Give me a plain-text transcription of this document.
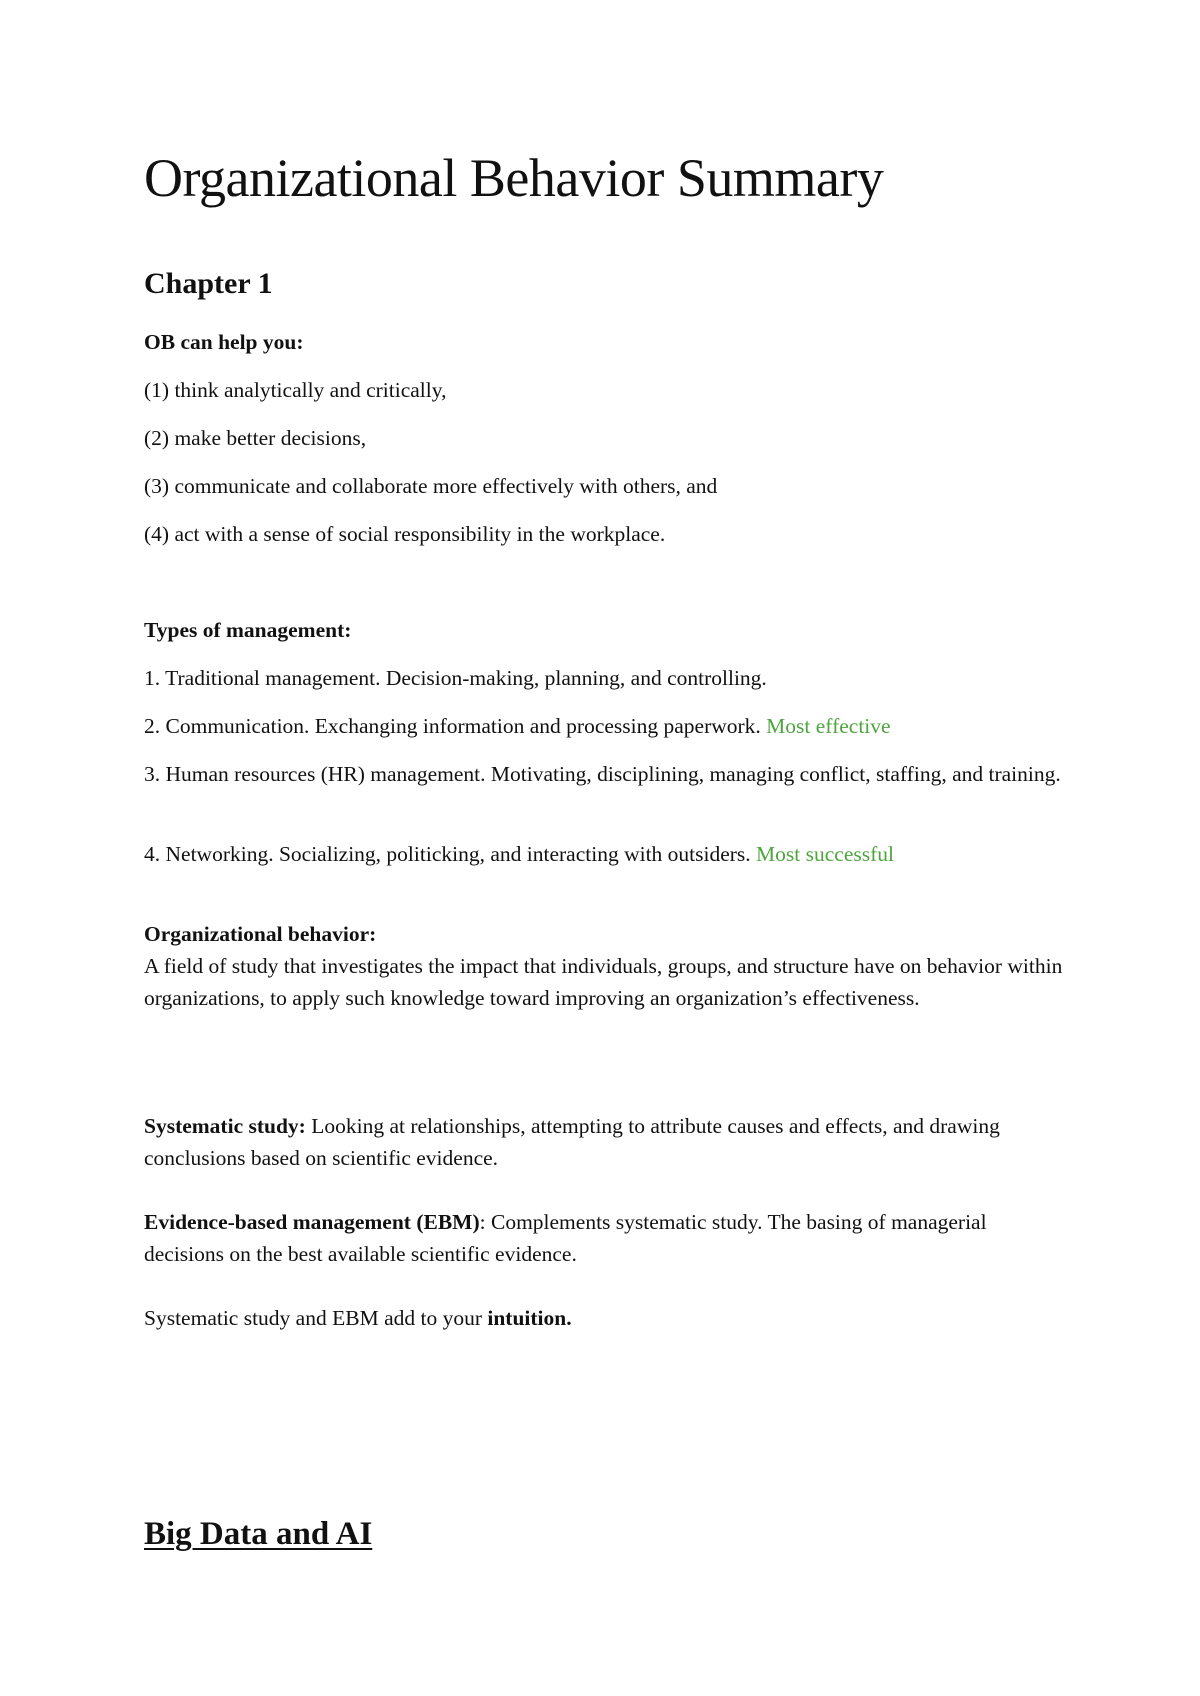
Organizational Behavior Summary
Chapter 1

OB can help you:

(1) think analytically and critically,

(2) make better decisions,

(3) communicate and collaborate more effectively with others, and

(4) act with a sense of social responsibility in the workplace.

Types of management:

1. Traditional management. Decision-making, planning, and controlling.

2. Communication. Exchanging information and processing paperwork. Most effective

3. Human resources (HR) management. Motivating, disciplining, managing conflict, staffing, and training.

4. Networking. Socializing, politicking, and interacting with outsiders. Most successful

Organizational behavior:

A field of study that investigates the impact that individuals, groups, and structure have on behavior within organizations, to apply such knowledge toward improving an organization’s effectiveness.

Systematic study: Looking at relationships, attempting to attribute causes and effects, and drawing conclusions based on scientific evidence.

Evidence-based management (EBM): Complements systematic study. The basing of managerial decisions on the best available scientific evidence.

Systematic study and EBM add to your intuition.

Big Data and AI
